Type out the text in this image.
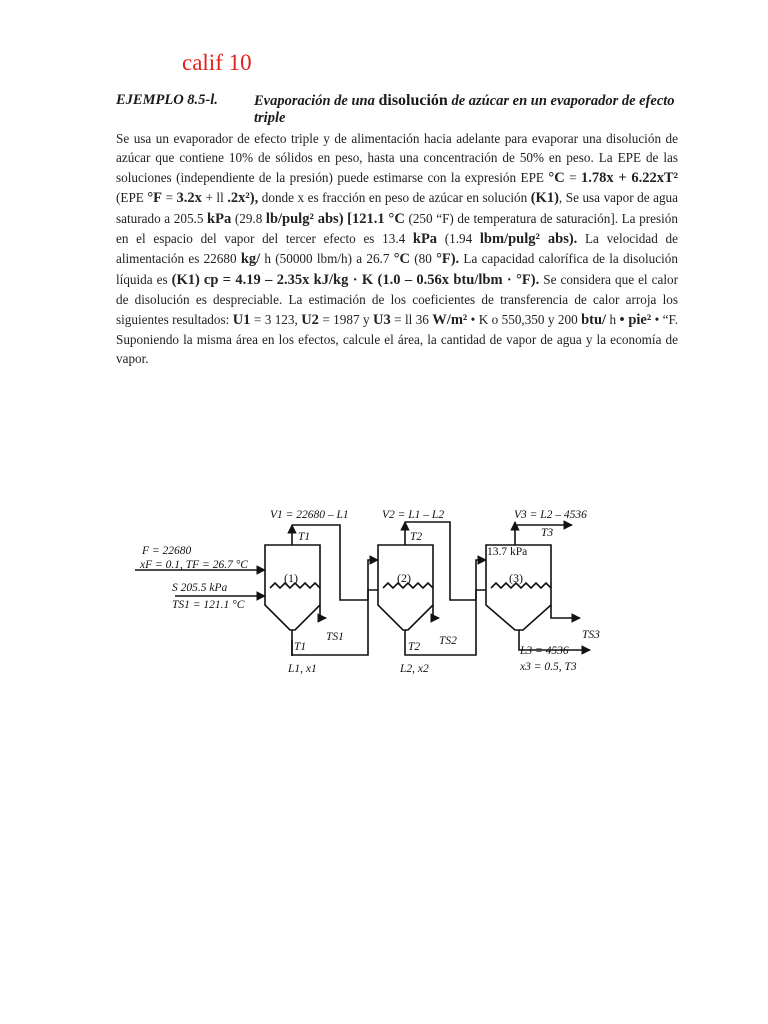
calif 10
EJEMPLO 8.5-l.	Evaporación de una disolución de azúcar en un evaporador de efecto triple
Se usa un evaporador de efecto triple y de alimentación hacia adelante para evaporar una disolución de azúcar que contiene 10% de sólidos en peso, hasta una concentración de 50% en peso. La EPE de las soluciones (independiente de la presión) puede estimarse con la expresión EPE °C = 1.78x + 6.22xT² (EPE °F = 3.2x + ll .2x²), donde x es fracción en peso de azúcar en solución (K1), Se usa vapor de agua saturado a 205.5 kPa (29.8 lb/pulg² abs) [121.1 °C (250 “F) de temperatura de saturación]. La presión en el espacio del vapor del tercer efecto es 13.4 kPa (1.94 lbm/pulg² abs). La velocidad de alimentación es 22680 kg/ h (50000 lbm/h) a 26.7 °C (80 °F). La capacidad calorífica de la disolución líquida es (K1) cp = 4.19 – 2.35x kJ/kg · K (1.0 – 0.56x btu/lbm · °F). Se considera que el calor de disolución es despreciable. La estimación de los coeficientes de transferencia de calor arroja los siguientes resultados: U1 = 3 123, U2 = 1987 y U3 = ll 36 W/m² • K o 550,350 y 200 btu/ h • pie² • “F. Suponiendo la misma área en los efectos, calcule el área, la cantidad de vapor de agua y la economía de vapor.
V1 = 22680 – L1	V2 = L1 – L2	V3 = L2 – 4536
T1	T2	T3
13.7 kPa
(1)	(2)	(3)
F = 22680
xF = 0.1, TF = 26.7 °C
S 205.5 kPa
TS1 = 121.1 °C
T1
TS1
T2 TS2	TS3
L1, x1	L2, x2
L3 = 4536
x3 = 0.5, T3
